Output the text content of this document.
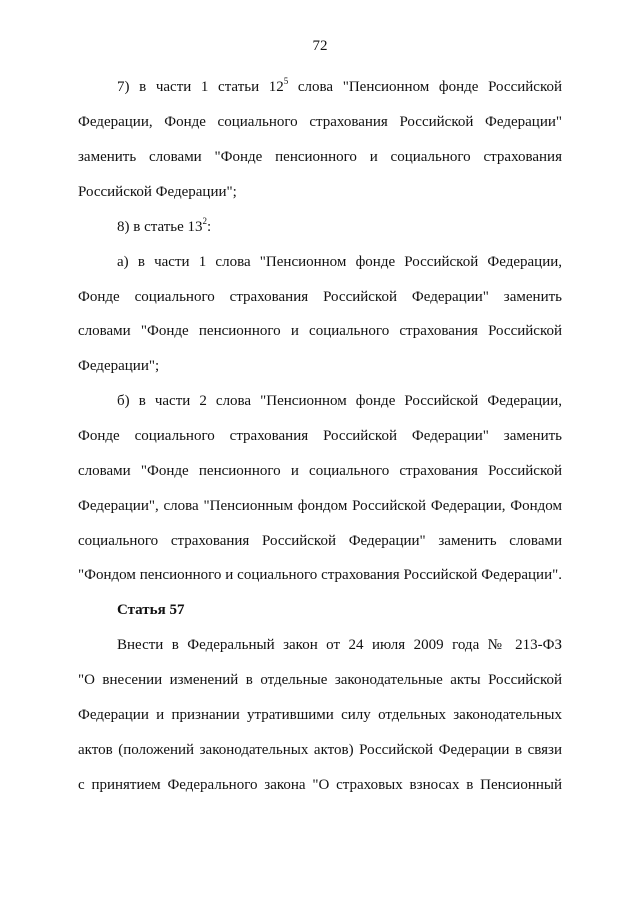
72
7) в части 1 статьи $12^5$ слова "Пенсионном фонде Российской
Федерации, Фонде социального страхования Российской Федерации"
заменить словами "Фонде пенсионного и социального страхования
Российской Федерации";
8) в статье $13^2$:
а) в части 1 слова "Пенсионном фонде Российской Федерации,
Фонде социального страхования Российской Федерации" заменить
словами "Фонде пенсионного и социального страхования Российской
Федерации";
б) в части 2 слова "Пенсионном фонде Российской Федерации,
Фонде социального страхования Российской Федерации" заменить
словами "Фонде пенсионного и социального страхования Российской
Федерации", слова "Пенсионным фондом Российской Федерации, Фондом
социального страхования Российской Федерации" заменить словами
"Фондом пенсионного и социального страхования Российской Федерации".
Статья 57
Внести в Федеральный закон от 24 июля 2009 года № 213-ФЗ
"О внесении изменений в отдельные законодательные акты Российской
Федерации и признании утратившими силу отдельных законодательных
актов (положений законодательных актов) Российской Федерации в связи
с принятием Федерального закона "О страховых взносах в Пенсионный
